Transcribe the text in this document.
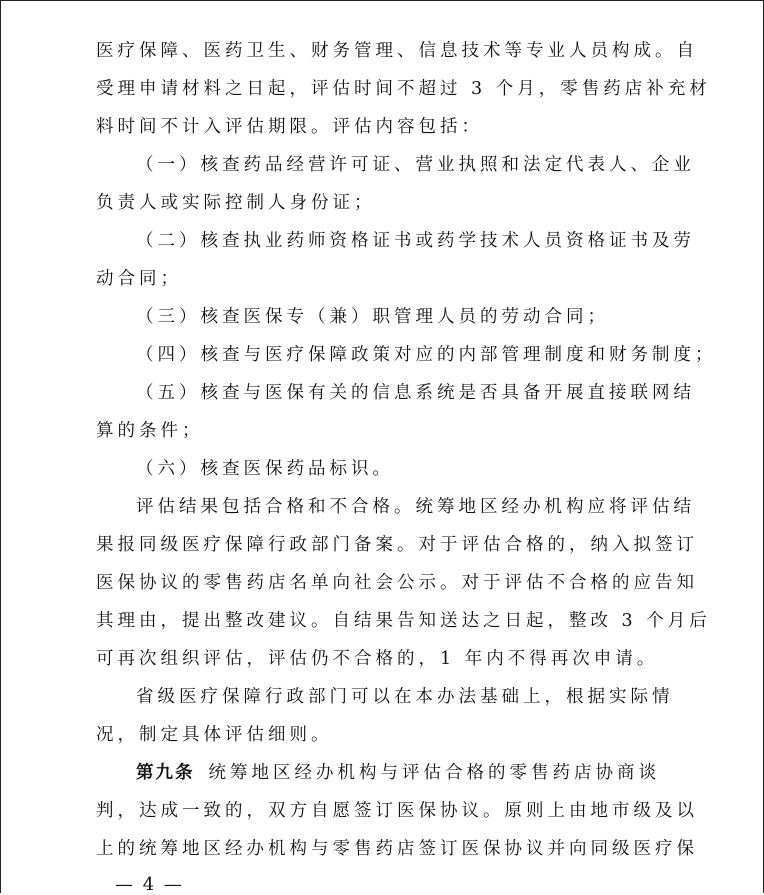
医疗保障、医药卫生、财务管理、信息技术等专业人员构成。自
受理申请材料之日起，评估时间不超过 3 个月，零售药店补充材
料时间不计入评估期限。评估内容包括：
（一）核查药品经营许可证、营业执照和法定代表人、企业
负责人或实际控制人身份证；
（二）核查执业药师资格证书或药学技术人员资格证书及劳
动合同；
（三）核查医保专（兼）职管理人员的劳动合同；
（四）核查与医疗保障政策对应的内部管理制度和财务制度；
（五）核查与医保有关的信息系统是否具备开展直接联网结
算的条件；
（六）核查医保药品标识。
评估结果包括合格和不合格。统筹地区经办机构应将评估结
果报同级医疗保障行政部门备案。对于评估合格的，纳入拟签订
医保协议的零售药店名单向社会公示。对于评估不合格的应告知
其理由，提出整改建议。自结果告知送达之日起，整改 3 个月后
可再次组织评估，评估仍不合格的，1 年内不得再次申请。
省级医疗保障行政部门可以在本办法基础上，根据实际情
况，制定具体评估细则。
第九条 统筹地区经办机构与评估合格的零售药店协商谈
判，达成一致的，双方自愿签订医保协议。原则上由地市级及以
上的统筹地区经办机构与零售药店签订医保协议并向同级医疗保
— 4 —
